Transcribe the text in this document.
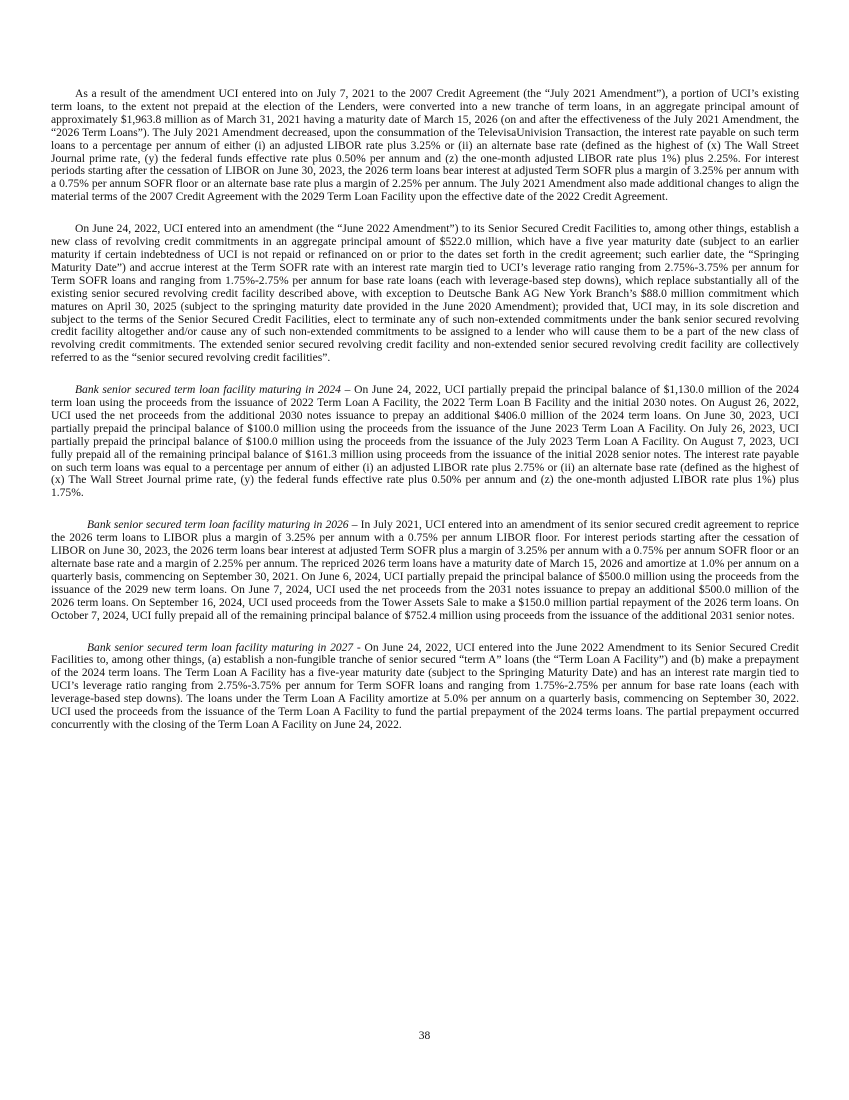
As a result of the amendment UCI entered into on July 7, 2021 to the 2007 Credit Agreement (the “July 2021 Amendment”), a portion of UCI’s existing term loans, to the extent not prepaid at the election of the Lenders, were converted into a new tranche of term loans, in an aggregate principal amount of approximately $1,963.8 million as of March 31, 2021 having a maturity date of March 15, 2026 (on and after the effectiveness of the July 2021 Amendment, the “2026 Term Loans”). The July 2021 Amendment decreased, upon the consummation of the TelevisaUnivision Transaction, the interest rate payable on such term loans to a percentage per annum of either (i) an adjusted LIBOR rate plus 3.25% or (ii) an alternate base rate (defined as the highest of (x) The Wall Street Journal prime rate, (y) the federal funds effective rate plus 0.50% per annum and (z) the one-month adjusted LIBOR rate plus 1%) plus 2.25%. For interest periods starting after the cessation of LIBOR on June 30, 2023, the 2026 term loans bear interest at adjusted Term SOFR plus a margin of 3.25% per annum with a 0.75% per annum SOFR floor or an alternate base rate plus a margin of 2.25% per annum. The July 2021 Amendment also made additional changes to align the material terms of the 2007 Credit Agreement with the 2029 Term Loan Facility upon the effective date of the 2022 Credit Agreement.

On June 24, 2022, UCI entered into an amendment (the “June 2022 Amendment”) to its Senior Secured Credit Facilities to, among other things, establish a new class of revolving credit commitments in an aggregate principal amount of $522.0 million, which have a five year maturity date (subject to an earlier maturity if certain indebtedness of UCI is not repaid or refinanced on or prior to the dates set forth in the credit agreement; such earlier date, the “Springing Maturity Date”) and accrue interest at the Term SOFR rate with an interest rate margin tied to UCI’s leverage ratio ranging from 2.75%-3.75% per annum for Term SOFR loans and ranging from 1.75%-2.75% per annum for base rate loans (each with leverage-based step downs), which replace substantially all of the existing senior secured revolving credit facility described above, with exception to Deutsche Bank AG New York Branch’s $88.0 million commitment which matures on April 30, 2025 (subject to the springing maturity date provided in the June 2020 Amendment); provided that, UCI may, in its sole discretion and subject to the terms of the Senior Secured Credit Facilities, elect to terminate any of such non-extended commitments under the bank senior secured revolving credit facility altogether and/or cause any of such non-extended commitments to be assigned to a lender who will cause them to be a part of the new class of revolving credit commitments. The extended senior secured revolving credit facility and non-extended senior secured revolving credit facility are collectively referred to as the “senior secured revolving credit facilities”.

Bank senior secured term loan facility maturing in 2024 – On June 24, 2022, UCI partially prepaid the principal balance of $1,130.0 million of the 2024 term loan using the proceeds from the issuance of 2022 Term Loan A Facility, the 2022 Term Loan B Facility and the initial 2030 notes. On August 26, 2022, UCI used the net proceeds from the additional 2030 notes issuance to prepay an additional $406.0 million of the 2024 term loans. On June 30, 2023, UCI partially prepaid the principal balance of $100.0 million using the proceeds from the issuance of the June 2023 Term Loan A Facility. On July 26, 2023, UCI partially prepaid the principal balance of $100.0 million using the proceeds from the issuance of the July 2023 Term Loan A Facility. On August 7, 2023, UCI fully prepaid all of the remaining principal balance of $161.3 million using proceeds from the issuance of the initial 2028 senior notes. The interest rate payable on such term loans was equal to a percentage per annum of either (i) an adjusted LIBOR rate plus 2.75% or (ii) an alternate base rate (defined as the highest of (x) The Wall Street Journal prime rate, (y) the federal funds effective rate plus 0.50% per annum and (z) the one-month adjusted LIBOR rate plus 1%) plus 1.75%.

Bank senior secured term loan facility maturing in 2026 – In July 2021, UCI entered into an amendment of its senior secured credit agreement to reprice the 2026 term loans to LIBOR plus a margin of 3.25% per annum with a 0.75% per annum LIBOR floor. For interest periods starting after the cessation of LIBOR on June 30, 2023, the 2026 term loans bear interest at adjusted Term SOFR plus a margin of 3.25% per annum with a 0.75% per annum SOFR floor or an alternate base rate and a margin of 2.25% per annum. The repriced 2026 term loans have a maturity date of March 15, 2026 and amortize at 1.0% per annum on a quarterly basis, commencing on September 30, 2021. On June 6, 2024, UCI partially prepaid the principal balance of $500.0 million using the proceeds from the issuance of the 2029 new term loans. On June 7, 2024, UCI used the net proceeds from the 2031 notes issuance to prepay an additional $500.0 million of the 2026 term loans. On September 16, 2024, UCI used proceeds from the Tower Assets Sale to make a $150.0 million partial repayment of the 2026 term loans. On October 7, 2024, UCI fully prepaid all of the remaining principal balance of $752.4 million using proceeds from the issuance of the additional 2031 senior notes.

Bank senior secured term loan facility maturing in 2027 - On June 24, 2022, UCI entered into the June 2022 Amendment to its Senior Secured Credit Facilities to, among other things, (a) establish a non-fungible tranche of senior secured “term A” loans (the “Term Loan A Facility”) and (b) make a prepayment of the 2024 term loans. The Term Loan A Facility has a five-year maturity date (subject to the Springing Maturity Date) and has an interest rate margin tied to UCI’s leverage ratio ranging from 2.75%-3.75% per annum for Term SOFR loans and ranging from 1.75%-2.75% per annum for base rate loans (each with leverage-based step downs). The loans under the Term Loan A Facility amortize at 5.0% per annum on a quarterly basis, commencing on September 30, 2022. UCI used the proceeds from the issuance of the Term Loan A Facility to fund the partial prepayment of the 2024 terms loans. The partial prepayment occurred concurrently with the closing of the Term Loan A Facility on June 24, 2022.

38
